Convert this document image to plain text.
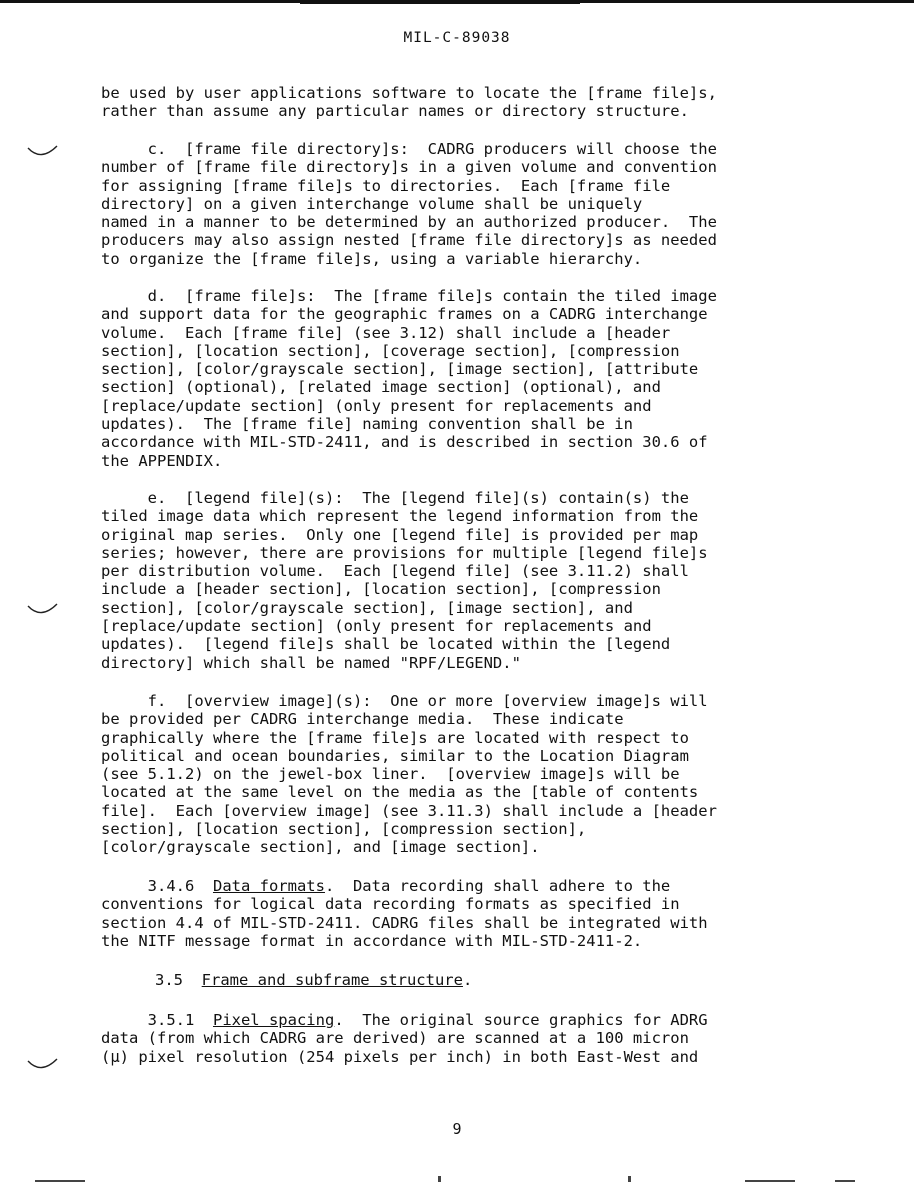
MIL-C-89038

be used by user applications software to locate the [frame file]s,

rather than assume any particular names or directory structure.

c.  [frame file directory]s:  CADRG producers will choose the

number of [frame file directory]s in a given volume and convention

for assigning [frame file]s to directories.  Each [frame file

directory] on a given interchange volume shall be uniquely

named in a manner to be determined by an authorized producer.  The

producers may also assign nested [frame file directory]s as needed

to organize the [frame file]s, using a variable hierarchy.

d.  [frame file]s:  The [frame file]s contain the tiled image

and support data for the geographic frames on a CADRG interchange

volume.  Each [frame file] (see 3.12) shall include a [header

section], [location section], [coverage section], [compression

section], [color/grayscale section], [image section], [attribute

section] (optional), [related image section] (optional), and

[replace/update section] (only present for replacements and

updates).  The [frame file] naming convention shall be in

accordance with MIL-STD-2411, and is described in section 30.6 of

the APPENDIX.

e.  [legend file](s):  The [legend file](s) contain(s) the

tiled image data which represent the legend information from the

original map series.  Only one [legend file] is provided per map

series; however, there are provisions for multiple [legend file]s

per distribution volume.  Each [legend file] (see 3.11.2) shall

include a [header section], [location section], [compression

section], [color/grayscale section], [image section], and

[replace/update section] (only present for replacements and

updates).  [legend file]s shall be located within the [legend

directory] which shall be named "RPF/LEGEND."

f.  [overview image](s):  One or more [overview image]s will

be provided per CADRG interchange media.  These indicate

graphically where the [frame file]s are located with respect to

political and ocean boundaries, similar to the Location Diagram

(see 5.1.2) on the jewel-box liner.  [overview image]s will be

located at the same level on the media as the [table of contents

file].  Each [overview image] (see 3.11.3) shall include a [header

section], [location section], [compression section],

[color/grayscale section], and [image section].

3.4.6  Data formats.  Data recording shall adhere to the

conventions for logical data recording formats as specified in

section 4.4 of MIL-STD-2411. CADRG files shall be integrated with

the NITF message format in accordance with MIL-STD-2411-2.

3.5  Frame and subframe structure.

3.5.1  Pixel spacing.  The original source graphics for ADRG

data (from which CADRG are derived) are scanned at a 100 micron

(μ) pixel resolution (254 pixels per inch) in both East-West and

9
